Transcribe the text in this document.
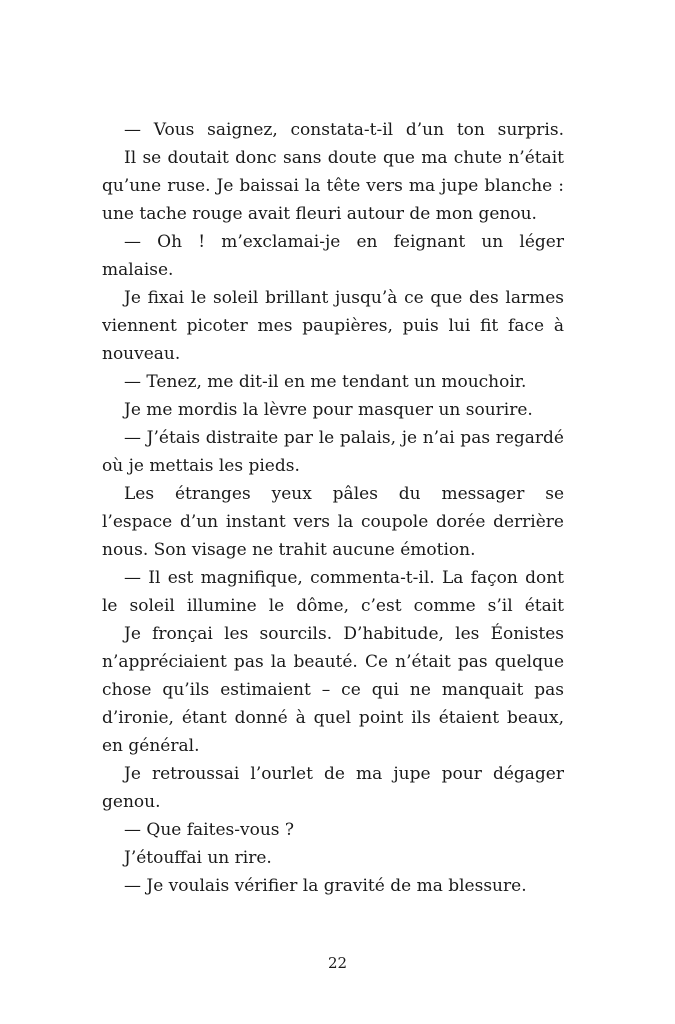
— Vous saignez, constata-t-il d’un ton surpris.
Il se doutait donc sans doute que ma chute n’était
qu’une ruse. Je baissai la tête vers ma jupe blanche :
une tache rouge avait fleuri autour de mon genou.
— Oh ! m’exclamai-je en feignant un léger
malaise.
Je fixai le soleil brillant jusqu’à ce que des larmes
viennent picoter mes paupières, puis lui fit face à
nouveau.
— Tenez, me dit-il en me tendant un mouchoir.
Je me mordis la lèvre pour masquer un sourire.
— J’étais distraite par le palais, je n’ai pas regardé
où je mettais les pieds.
Les étranges yeux pâles du messager se
l’espace d’un instant vers la coupole dorée derrière
nous. Son visage ne trahit aucune émotion.
— Il est magnifique, commenta-t-il. La façon dont
le soleil illumine le dôme, c’est comme s’il était
Je fronçai les sourcils. D’habitude, les Éonistes
n’appréciaient pas la beauté. Ce n’était pas quelque
chose qu’ils estimaient – ce qui ne manquait pas
d’ironie, étant donné à quel point ils étaient beaux,
en général.
Je retroussai l’ourlet de ma jupe pour dégager
genou.
— Que faites-vous ?
J’étouffai un rire.
— Je voulais vérifier la gravité de ma blessure.
22
